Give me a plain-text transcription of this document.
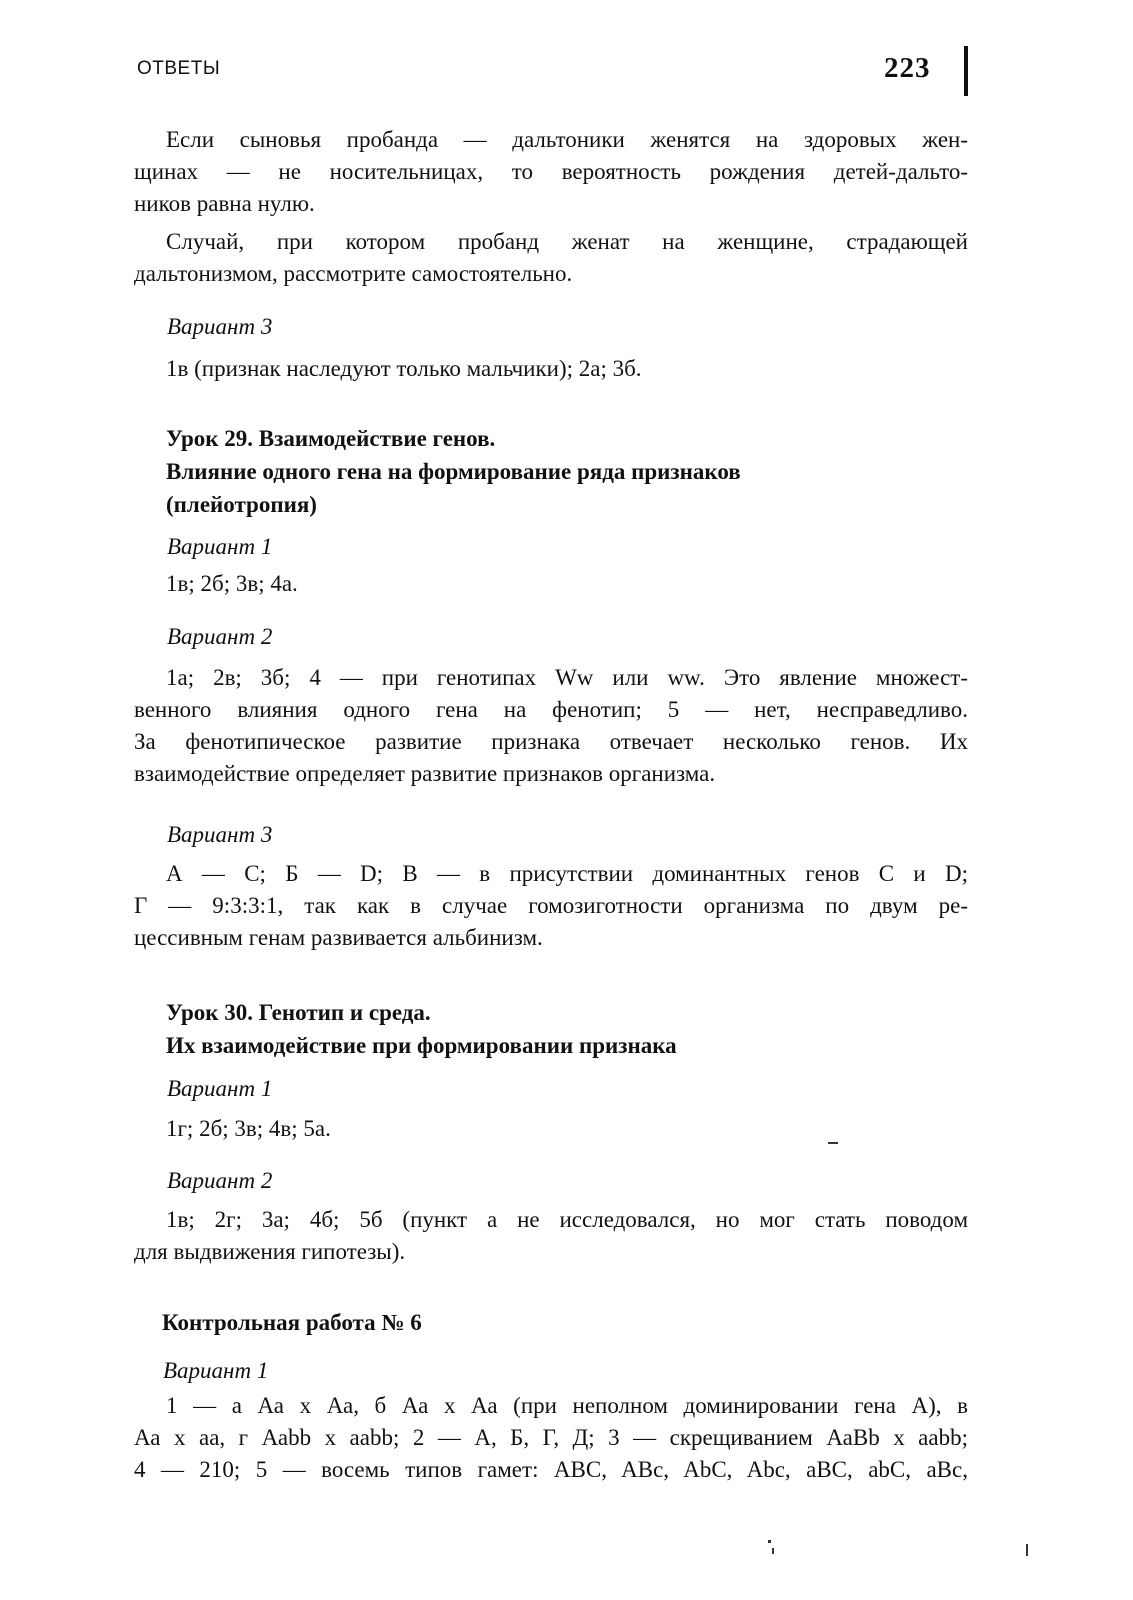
ОТВЕТЫ	223
Если сыновья пробанда — дальтоники женятся на здоровых жен-
щинах — не носительницах, то вероятность рождения детей-дальто-
ников равна нулю.
Случай, при котором пробанд женат на женщине, страдающей
дальтонизмом, рассмотрите самостоятельно.
Вариант 3
1в (признак наследуют только мальчики); 2а; 3б.
Урок 29. Взаимодействие генов.
Влияние одного гена на формирование ряда признаков
(плейотропия)
Вариант 1
1в; 2б; 3в; 4а.
Вариант 2
1а; 2в; 3б; 4 — при генотипах Ww или ww. Это явление множест-
венного влияния одного гена на фенотип; 5 — нет, несправедливо.
За фенотипическое развитие признака отвечает несколько генов. Их
взаимодействие определяет развитие признаков организма.
Вариант 3
А — С; Б — D; В — в присутствии доминантных генов С и D;
Г — 9:3:3:1, так как в случае гомозиготности организма по двум ре-
цессивным генам развивается альбинизм.
Урок 30. Генотип и среда.
Их взаимодействие при формировании признака
Вариант 1
1г; 2б; 3в; 4в; 5а.
Вариант 2
1в; 2г; 3а; 4б; 5б (пункт а не исследовался, но мог стать поводом
для выдвижения гипотезы).
Контрольная работа № 6
Вариант 1
1 — а Аа х Аа, б Аа х Аа (при неполном доминировании гена А), в
Аа х аа, г Ааbb х ааbb; 2 — А, Б, Г, Д; 3 — скрещиванием АаВb х ааbb;
4 — 210; 5 — восемь типов гамет: ABC, ABc, AbC, Abc, aBC, abC, aBc,
